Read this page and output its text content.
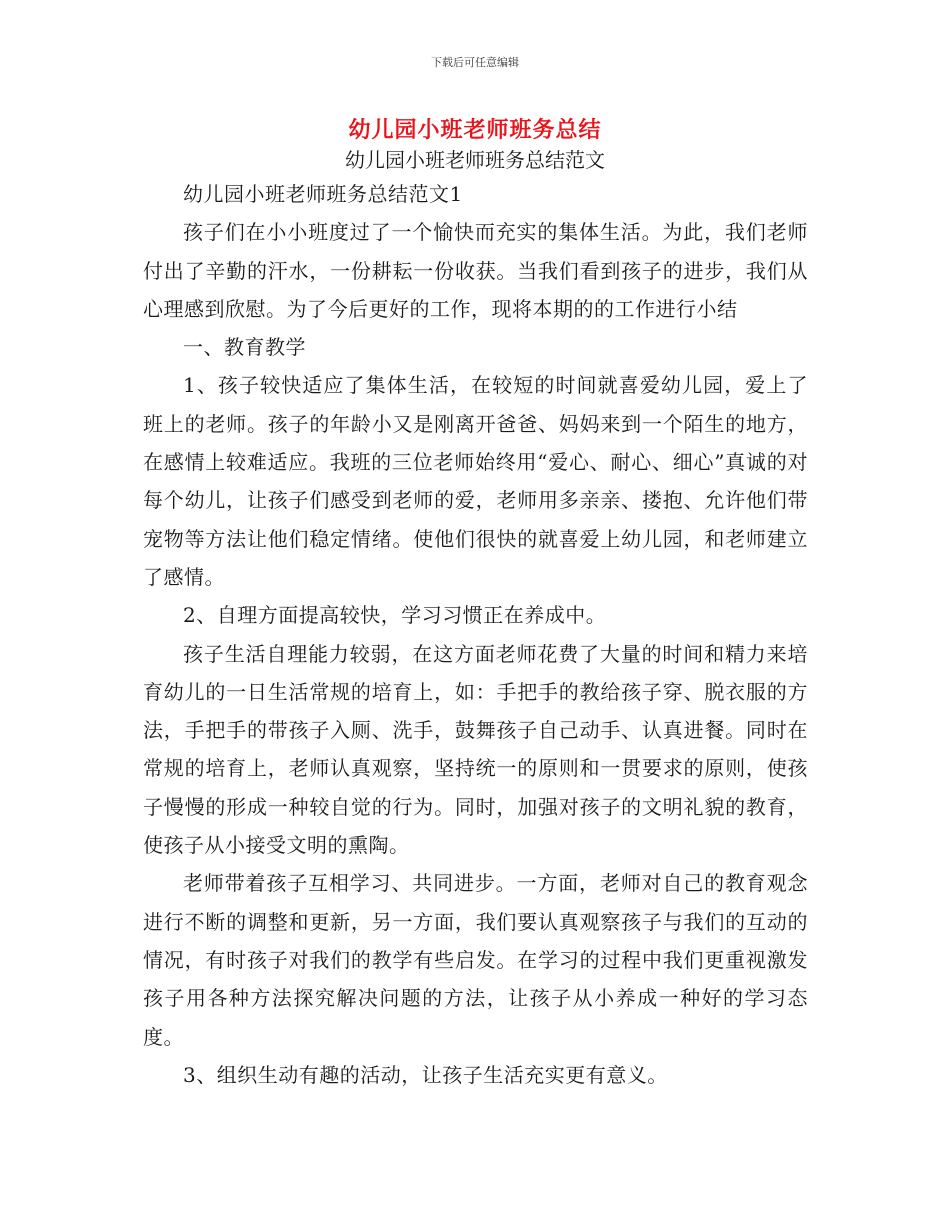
下载后可任意编辑
幼儿园小班老师班务总结
幼儿园小班老师班务总结范文

幼儿园小班老师班务总结范文1

孩子们在小小班度过了一个愉快而充实的集体生活。为此，我们老师付出了辛勤的汗水，一份耕耘一份收获。当我们看到孩子的进步，我们从心理感到欣慰。为了今后更好的工作，现将本期的的工作进行小结

一、教育教学

1、孩子较快适应了集体生活，在较短的时间就喜爱幼儿园，爱上了班上的老师。孩子的年龄小又是刚离开爸爸、妈妈来到一个陌生的地方，在感情上较难适应。我班的三位老师始终用“爱心、耐心、细心”真诚的对每个幼儿，让孩子们感受到老师的爱，老师用多亲亲、搂抱、允许他们带宠物等方法让他们稳定情绪。使他们很快的就喜爱上幼儿园，和老师建立了感情。

2、自理方面提高较快，学习习惯正在养成中。

孩子生活自理能力较弱，在这方面老师花费了大量的时间和精力来培育幼儿的一日生活常规的培育上，如：手把手的教给孩子穿、脱衣服的方法，手把手的带孩子入厕、洗手，鼓舞孩子自己动手、认真进餐。同时在常规的培育上，老师认真观察，坚持统一的原则和一贯要求的原则，使孩子慢慢的形成一种较自觉的行为。同时，加强对孩子的文明礼貌的教育，使孩子从小接受文明的熏陶。

老师带着孩子互相学习、共同进步。一方面，老师对自己的教育观念进行不断的调整和更新，另一方面，我们要认真观察孩子与我们的互动的情况，有时孩子对我们的教学有些启发。在学习的过程中我们更重视激发孩子用各种方法探究解决问题的方法，让孩子从小养成一种好的学习态度。

3、组织生动有趣的活动，让孩子生活充实更有意义。
